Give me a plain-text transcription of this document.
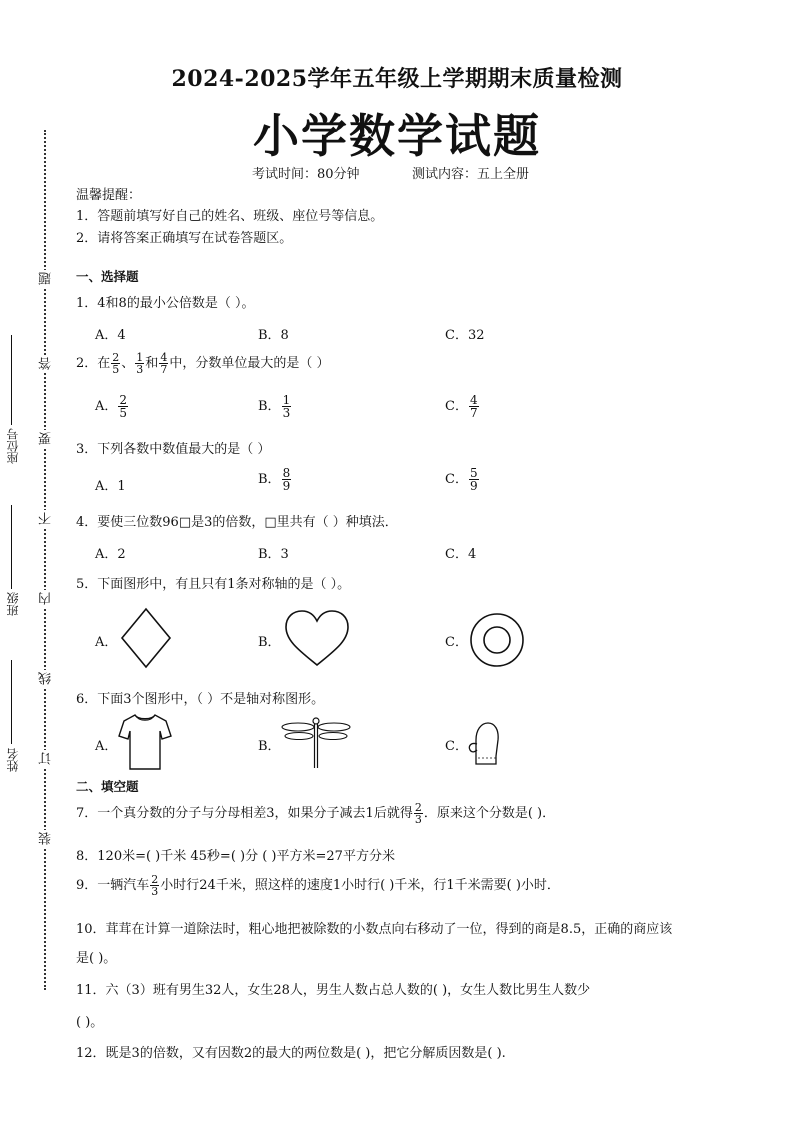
座位号
班级
姓名
题
答
要
不
内
线
订
装
2024-2025学年五年级上学期期末质量检测
小学数学试题
考试时间：80分钟	测试内容：五上全册
温馨提醒：
1．答题前填写好自己的姓名、班级、座位号等信息。
2．请将答案正确填写在试卷答题区。
一、选择题
1．4和8的最小公倍数是（ ）。
A．4	B．8	C．32
2．在 $\frac{2}{5}$ 、 $\frac{1}{3}$ 和 $\frac{4}{7}$ 中，分数单位最大的是（ ）
A． $\frac{2}{5}$	B． $\frac{1}{3}$	C． $\frac{4}{7}$
3．下列各数中数值最大的是（ ）
A．1	B． $\frac{8}{9}$	C． $\frac{5}{9}$
4．要使三位数96□是3的倍数，□里共有（ ）种填法．
A．2	B．3	C．4
5．下面图形中，有且只有1条对称轴的是（ ）。
A．	B．	C．
6．下面3个图形中，（ ）不是轴对称图形。
A．	B．	C．
二、填空题
7．一个真分数的分子与分母相差3，如果分子减去1后就得 $\frac{2}{3}$ ．原来这个分数是( )．
8．120米=( )千米 45秒=( )分 ( )平方米=27平方分米
9．一辆汽车 $\frac{2}{3}$ 小时行24千米，照这样的速度1小时行( )千米，行1千米需要( )小时．
10．茸茸在计算一道除法时，粗心地把被除数的小数点向右移动了一位，得到的商是8.5，正确的商应该
是( )。
11．六（3）班有男生32人，女生28人，男生人数占总人数的( )，女生人数比男生人数少
( )。
12．既是3的倍数，又有因数2的最大的两位数是( )，把它分解质因数是( ).
